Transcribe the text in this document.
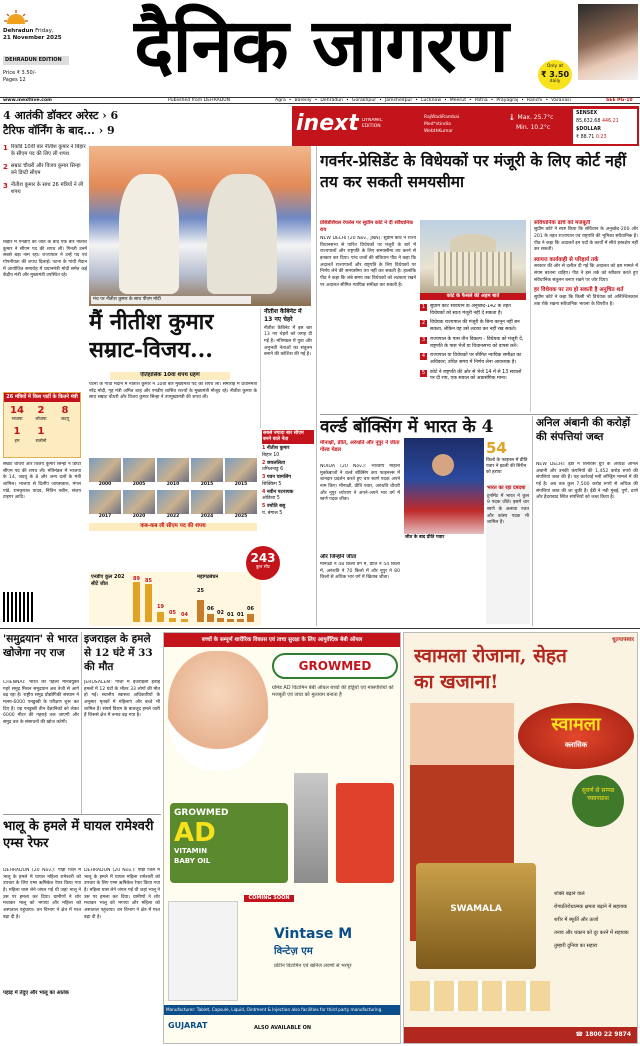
Dehradun Friday,
21 November 2025
DEHRADUN EDITION
Price ₹ 3.50/-
Pages 12	दैनिक जागरण	Only at
₹ 3.50
daily
www.inextlive.com	Published from DEHRADUN	Agra • Bareilly • Dehradun • Gorakhpur • Jamshedpur • Lucknow • Meerut • Patna • Prayagraj • Ranchi • Varanasi	SEE PG-10
4 आतंकी डॉक्टर अरेस्ट › 6
टैरिफ वॉर्निंग के बाद... › 9	inext DYNAMIC EDITION
RajWadiRambai
Med*stindia
WebthKumar
🌡 Max. 25.7°c
Min. 10.2°c
SENSEX
85,632.68 446.21
$DOLLAR
₹ 88.71 0.23
1 रिकॉर्ड 10वीं बार नीतीश कुमार ने बिहार के सीएम पद की लिए ली शपथ
2 सम्राट चौधरी और विजय कुमार सिन्हा बने डिप्टी सीएम
3 नीतीश कुमार के साथ 26 मंत्रियों ने ली शपथ
बिहार में एनडीए को जीत के बाद एक बार नीतीश कुमार ने सीएम पद की शपथ ली। गिनती उनमें सबसे बड़ा नाम रहा। राज्यपाल ने उन्हें पद एवं गोपनीयता की शपथ दिलाई। पटना के गांधी मैदान में आयोजित समारोह में प्रधानमंत्री मोदी समेत कई केंद्रीय मंत्री और मुख्यमंत्री उपस्थित रहे।
26 मंत्रियों में किस पार्टी के कितने मंत्री
14
भाजपा
2
लोजपा
8
जदयू
1
हम
1
रालोमो
सम्राट चौधरी और विजय कुमार सिन्हा ने डिप्टी सीएम पद की शपथ ली। मंत्रिमंडल में भाजपा के 14, जदयू के 8 और अन्य दलों के मंत्री शामिल। भाजपा से दिलीप जायसवाल, मंगल पांडे, रामकृपाल यादव, नितिन नबीन, संजय टाइगर आदि।
मंच पर नीतीश कुमार के साथ पीएम मोदी
मैं नीतीश कुमार सम्राट-विजय...
ऐतिहासिक 10वां शपथ ग्रहण
पटना के गांधी मैदान में नीतीश कुमार ने 10वीं बार मुख्यमंत्री पद की शपथ ली। समारोह में प्रधानमंत्री नरेंद्र मोदी, गृह मंत्री अमित शाह और एनडीए शासित राज्यों के मुख्यमंत्री मौजूद रहे। नीतीश कुमार के साथ सम्राट चौधरी और विजय कुमार सिन्हा ने उपमुख्यमंत्री की शपथ ली।
नीतीश कैबिनेट में 13 नए चेहरे
नीतीश कैबिनेट में इस बार 13 नए चेहरों को जगह दी गई है। मंत्रिमंडल में युवा और अनुभवी नेताओं का संतुलन बनाने की कोशिश की गई है।
2000	2005	2010	2015	2015
2017	2020	2022	2024	2025
कब-कब ली सीएम पद की शपथ
एनडीए कुल 202 सीटें जीत
89 85
19
05 04
महागठबंधन
25
06
02 01 01
06
243
कुल सीट
सबसे ज्यादा बार सीएम बनने वाले नेता
1 नीतीश कुमार
बिहार 10
2 जयललिता
तमिलनाडु 6
3 पवन चामलिंग
सिक्किम 5
4 नवीन पटनायक
ओडिशा 5
5 ज्योति बसु
पं. बंगाल 5
गवर्नर-प्रेसिडेंट के विधेयकों पर मंजूरी के लिए कोर्ट नहीं तय कर सकती समयसीमा
प्रेसिडेंशियल रेफरेंस पर सुप्रीम कोर्ट ने दी संवैधानिक राय
NEW DELHI (20 Nov., JNN): सुप्रीम कोर्ट ने राज्य विधानसभा से पारित विधेयकों पर मंजूरी के बारे में राज्यपालों और राष्ट्रपति के लिए समयसीमा तय करने से इनकार कर दिया। पांच जजों की संविधान पीठ ने कहा कि अदालतें राज्यपालों और राष्ट्रपति के लिए विधेयकों पर निर्णय लेने की समयसीमा तय नहीं कर सकती हैं। हालांकि पीठ ने कहा कि लंबे समय तक विधेयकों को लटकाए रखने पर अदालत सीमित न्यायिक समीक्षा कर सकती है।
कोर्ट के फैसले की अहम बातें
1	सुप्रीम कोर्ट संविधान के अनुच्छेद-142 के तहत विधेयकों को स्वतः मंजूरी नहीं दे सकता है।
2	विधेयक राज्यपाल की मंजूरी के बिना कानून नहीं बन सकता, लेकिन वह उसे लटका कर नहीं रख सकते।
3	राज्यपाल के पास तीन विकल्प - विधेयक को मंजूरी दें, राष्ट्रपति के पास भेजें या विधानसभा को वापस करें।
4	राज्यपाल या विधेयकों पर सीमित न्यायिक समीक्षा का अधिकार; उचित समय में निर्णय लेना आवश्यक है।
5	कोर्ट ने राष्ट्रपति की ओर से भेजे 14 में से 13 सवालों पर दी राय, एक सवाल को अप्रासंगिक माना।
संविधानिक ढांचे को मजबूती
सुप्रीम कोर्ट ने स्पष्ट किया कि संविधान के अनुच्छेद-200 और 201 के तहत राज्यपाल एवं राष्ट्रपति की भूमिका संवैधानिक है। पीठ ने कहा कि अदालतें इन पदों के कार्यों में सीधे हस्तक्षेप नहीं कर सकतीं।
स्वायत्त कार्यवाही से परिहार्य तर्क
सरकार की ओर से दलील दी गई कि अदालत को इस मामले में संयम बरतना चाहिए। पीठ ने इस तर्क को स्वीकार करते हुए संवैधानिक संतुलन बनाए रखने पर जोर दिया।
हर विधेयक पर तय हो सकती है अनुचित शर्त
सुप्रीम कोर्ट ने कहा कि किसी भी विधेयक को अनिश्चितकाल तक रोके रखना संवैधानिक भावना के विपरीत है।
वर्ल्ड बॉक्सिंग में भारत के 4
मीनाक्षी, प्रीति, अरुंधति और नूपुर ने जीता गोल्ड मेडल
NOIDA (20 Nov.): भारतीय महिला मुक्केबाजों ने वर्ल्ड बॉक्सिंग कप फाइनल्स में शानदार प्रदर्शन करते हुए चार स्वर्ण पदक अपने नाम किए। मीनाक्षी, प्रीति पवार, अरुंधति चौधरी और नूपुर श्योराण ने अपने-अपने भार वर्ग में स्वर्ण पदक जीता।
और जिन्होंने जीता
मीनाक्षी ने 48 किलो वर्ग में, प्रीति ने 54 किलो में, अरुंधति ने 70 किलो में और नूपुर ने 80 किलो से अधिक भार वर्ग में खिताब जीता।
जीत के बाद प्रीति पवार
54
किलो के फाइनल में प्रीति पवार ने इटली की सिरीन को हराया
भारत का रहा दबदबा
टूर्नामेंट में भारत ने कुल 9 पदक जीते। इसमें चार स्वर्ण के अलावा रजत और कांस्य पदक भी शामिल हैं।
अनिल अंबानी की करोड़ों की संपत्तियां जब्त
NEW DELHI: ईडी ने रिलायंस ग्रुप के अध्यक्ष अनिल अंबानी और उनकी कंपनियों की 1,452 करोड़ रुपये की संपत्तियां जब्त की हैं। यह कार्रवाई मनी लॉन्ड्रिंग मामले में की गई है। अब तक कुल 7,500 करोड़ रुपये से अधिक की संपत्तियां जब्त की जा चुकी हैं। ईडी ने नवी मुंबई, पुणे, ठाणे और हैदराबाद स्थित संपत्तियों को जब्त किया है।
'समुद्रयान' से भारत खोजेगा नए राज
CHENNAI: भारत का पहला मानवयुक्त गहरे समुद्र मिशन समुद्रयान अब तेजी से आगे बढ़ रहा है। राष्ट्रीय समुद्र प्रौद्योगिकी संस्थान ने मत्स्य-6000 पनडुब्बी के परीक्षण शुरू कर दिए हैं। यह पनडुब्बी तीन वैज्ञानिकों को लेकर 6000 मीटर की गहराई तक जाएगी और समुद्र तल के संसाधनों की खोज करेगी।
इजराइल के हमले से 12 घंटे में 33 की मौत
JERUSALEM: गाजा में इजराइली हवाई हमलों में 12 घंटों के भीतर 33 लोगों की मौत हो गई। स्थानीय स्वास्थ्य अधिकारियों के अनुसार मृतकों में महिलाएं और बच्चे भी शामिल हैं। संघर्ष विराम के बावजूद हमले जारी हैं जिससे क्षेत्र में तनाव बढ़ गया है।
भालू के हमले में घायल रामेश्वरी एम्स रेफर
DEHRADUN (20 Nov.): पौड़ी जिले में भालू के हमले में घायल महिला रामेश्वरी को उपचार के लिए एम्स ऋषिकेश रेफर किया गया है। महिला घास लेने जंगल गई थी जहां भालू ने उस पर हमला कर दिया। ग्रामीणों ने शोर मचाकर भालू को भगाया और महिला को अस्पताल पहुंचाया। वन विभाग ने क्षेत्र में गश्त बढ़ा दी है।
पहाड़ में तेंदुए और भालू का आतंक
DEHRADUN (20 Nov.): पौड़ी जिले में भालू के हमले में घायल महिला रामेश्वरी को उपचार के लिए एम्स ऋषिकेश रेफर किया गया है। महिला घास लेने जंगल गई थी जहां भालू ने उस पर हमला कर दिया। ग्रामीणों ने शोर मचाकर भालू को भगाया और महिला को अस्पताल पहुंचाया। वन विभाग ने क्षेत्र में गश्त बढ़ा दी है।
बच्चों के सम्पूर्ण शारीरिक विकास एवं त्वचा सुरक्षा के लिए आयुर्वेदिक बेबी ऑयल
GROWMED
ग्रोमेड AD विटामिन बेबी ऑयल बच्चों की हड्डियों एवं मांसपेशियों को मजबूती एवं त्वचा को मुलायम बनाता है
GROWMED
AD
VITAMIN
BABY OIL
COMING SOON
Vintase M
विन्टेज़ एम
प्रोटीन विटामिन एवं खनिज लवणों से भरपूर
Manufacturer: Tablet, Capsule, Liquid, Ointment & Injection also facilities for third party manufacturing
GUJARAT	ALSO AVAILABLE ON
स्वामला रोजाना, सेहत का खजाना!
धूतपापेश्वर
स्वामला
क्लासिक
सुवर्ण से सम्पन्न च्यवनप्राश
SWAMALA
शक्ति बढ़ाने वाले
रोगप्रतिरोधात्मक क्षमता बढ़ाने में सहायक
शरीर में स्फूर्ति और ऊर्जा
तनाव और थकान को दूर करने में सहायक
तुम्हारी दुनिया का सहारा
☎ 1800 22 9874
